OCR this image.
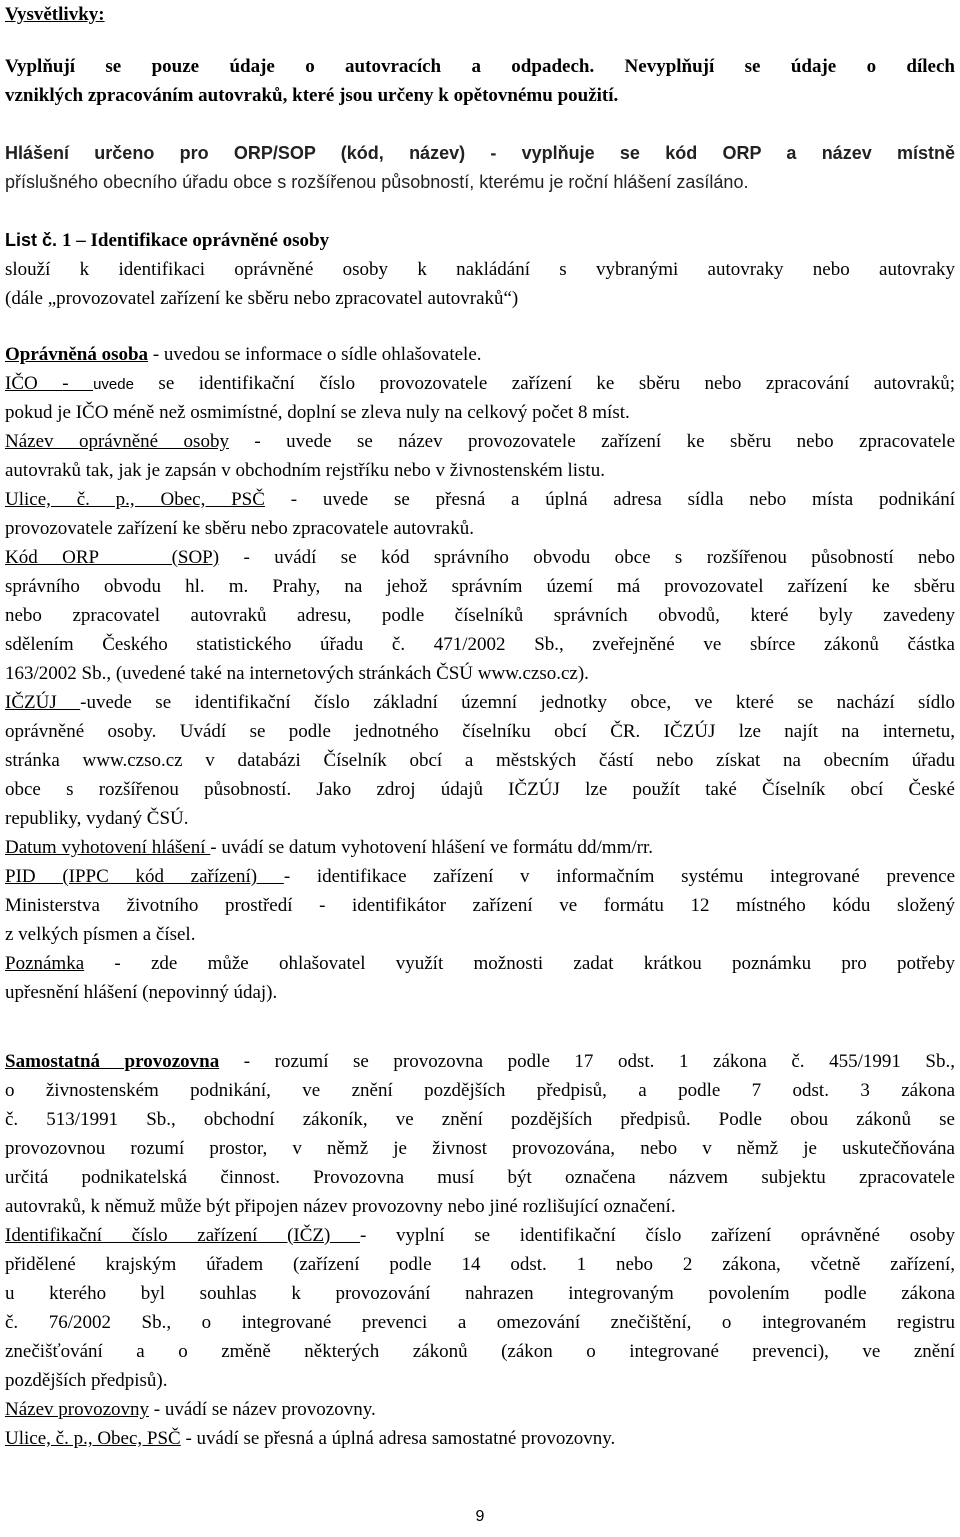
Vysvětlivky:
Vyplňují se pouze údaje o autovracích a odpadech. Nevyplňují se údaje o dílech
vzniklých zpracováním autovraků, které jsou určeny k opětovnému použití.
Hlášení určeno pro ORP/SOP (kód, název) - vyplňuje se kód ORP a název místně
příslušného obecního úřadu obce s rozšířenou působností, kterému je roční hlášení zasíláno.
List č. 1 – Identifikace oprávněné osoby
slouží k identifikaci oprávněné osoby k nakládání s vybranými autovraky nebo autovraky
(dále „provozovatel zařízení ke sběru nebo zpracovatel autovraků“)
Oprávněná osoba - uvedou se informace o sídle ohlašovatele.
IČO - uvede se identifikační číslo provozovatele zařízení ke sběru nebo zpracování autovraků;
pokud je IČO méně než osmimístné, doplní se zleva nuly na celkový počet 8 míst.
Název oprávněné osoby - uvede se název provozovatele zařízení ke sběru nebo zpracovatele
autovraků tak, jak je zapsán v obchodním rejstříku nebo v živnostenském listu.
Ulice, č. p., Obec, PSČ - uvede se přesná a úplná adresa sídla nebo místa podnikání
provozovatele zařízení ke sběru nebo zpracovatele autovraků.
Kód ORP   (SOP) - uvádí se kód správního obvodu obce s rozšířenou působností nebo
správního obvodu hl. m. Prahy, na jehož správním území má provozovatel zařízení ke sběru
nebo zpracovatel autovraků adresu, podle číselníků správních obvodů, které byly zavedeny
sdělením Českého statistického úřadu č. 471/2002 Sb., zveřejněné ve sbírce zákonů částka
163/2002 Sb., (uvedené také na internetových stránkách ČSÚ www.czso.cz).
IČZÚJ -uvede se identifikační číslo základní územní jednotky obce, ve které se nachází sídlo
oprávněné osoby. Uvádí se podle jednotného číselníku obcí ČR. IČZÚJ lze najít na internetu,
stránka www.czso.cz v databázi Číselník obcí a městských částí nebo získat na obecním úřadu
obce s rozšířenou působností. Jako zdroj údajů IČZÚJ lze použít také Číselník obcí České
republiky, vydaný ČSÚ.
Datum vyhotovení hlášení - uvádí se datum vyhotovení hlášení ve formátu dd/mm/rr.
PID (IPPC kód zařízení) - identifikace zařízení v informačním systému integrované prevence
Ministerstva životního prostředí - identifikátor zařízení ve formátu 12 místného kódu složený
z velkých písmen a čísel.
Poznámka - zde může ohlašovatel využít možnosti zadat krátkou poznámku pro potřeby
upřesnění hlášení (nepovinný údaj).
Samostatná provozovna - rozumí se provozovna podle 17 odst. 1 zákona č. 455/1991 Sb.,
o živnostenském podnikání, ve znění pozdějších předpisů, a podle 7 odst. 3 zákona
č. 513/1991 Sb., obchodní zákoník, ve znění pozdějších předpisů. Podle obou zákonů se
provozovnou rozumí prostor, v němž je živnost provozována, nebo v němž je uskutečňována
určitá podnikatelská činnost. Provozovna musí být označena názvem subjektu zpracovatele
autovraků, k němuž může být připojen název provozovny nebo jiné rozlišující označení.
Identifikační číslo zařízení (IČZ) - vyplní se identifikační číslo zařízení oprávněné osoby
přidělené krajským úřadem (zařízení podle 14 odst. 1 nebo 2 zákona, včetně zařízení,
u kterého byl souhlas k provozování nahrazen integrovaným povolením podle zákona
č. 76/2002 Sb., o integrované prevenci a omezování znečištění, o integrovaném registru
znečišťování a o změně některých zákonů (zákon o integrované prevenci), ve znění
pozdějších předpisů).
Název provozovny - uvádí se název provozovny.
Ulice, č. p., Obec, PSČ - uvádí se přesná a úplná adresa samostatné provozovny.
9
